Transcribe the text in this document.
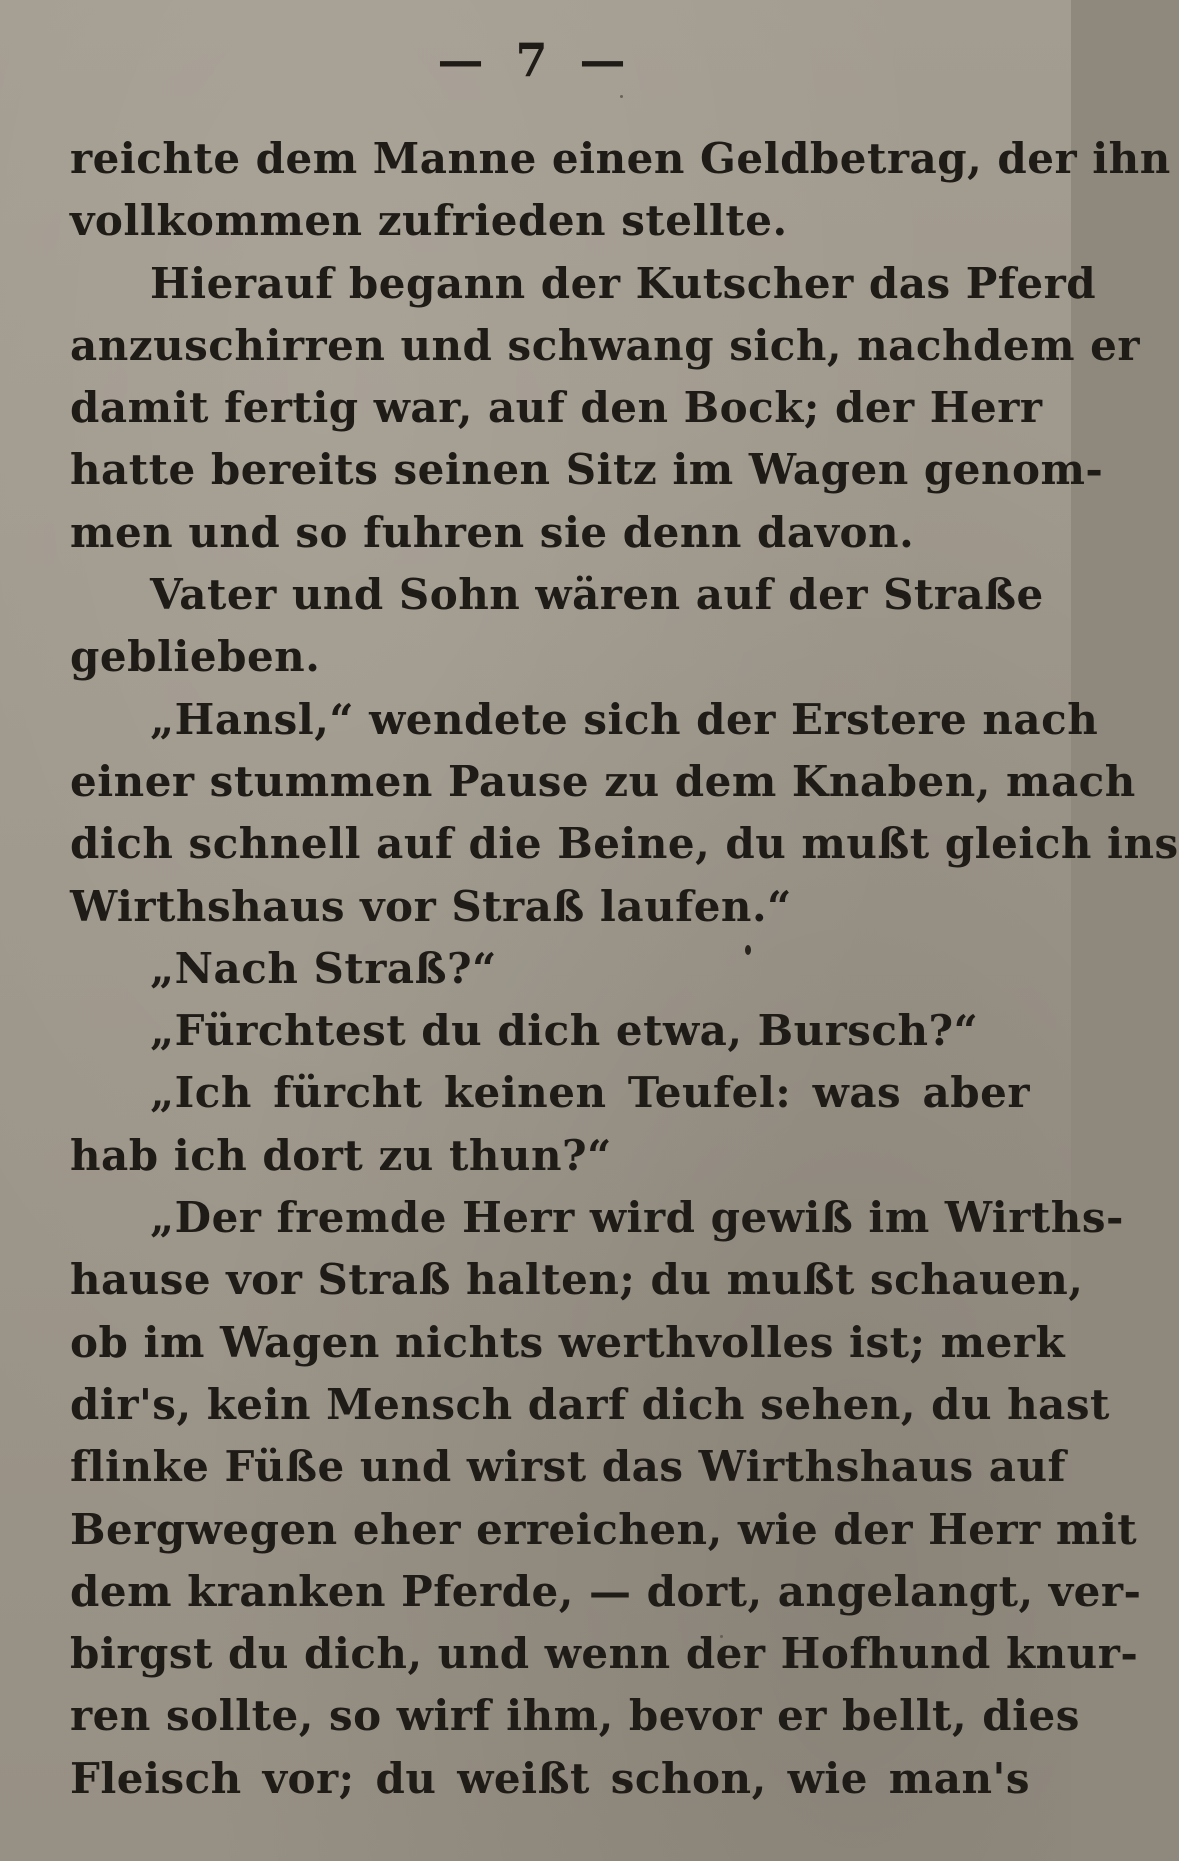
— 7 —
reichte dem Manne einen Geldbetrag, der ihn
vollkommen zufrieden stellte.
Hierauf begann der Kutscher das Pferd
anzuschirren und schwang sich, nachdem er
damit fertig war, auf den Bock; der Herr
hatte bereits seinen Sitz im Wagen genom-
men und so fuhren sie denn davon.
Vater und Sohn wären auf der Straße
geblieben.
„Hansl,“ wendete sich der Erstere nach
einer stummen Pause zu dem Knaben, mach
dich schnell auf die Beine, du mußt gleich ins
Wirthshaus vor Straß laufen.“
„Nach Straß?“
„Fürchtest du dich etwa, Bursch?“
„Ich fürcht keinen Teufel: was aber
hab ich dort zu thun?“
„Der fremde Herr wird gewiß im Wirths-
hause vor Straß halten; du mußt schauen,
ob im Wagen nichts werthvolles ist; merk
dir's, kein Mensch darf dich sehen, du hast
flinke Füße und wirst das Wirthshaus auf
Bergwegen eher erreichen, wie der Herr mit
dem kranken Pferde, — dort, angelangt, ver-
birgst du dich, und wenn der Hofhund knur-
ren sollte, so wirf ihm, bevor er bellt, dies
Fleisch vor; du weißt schon, wie man's
